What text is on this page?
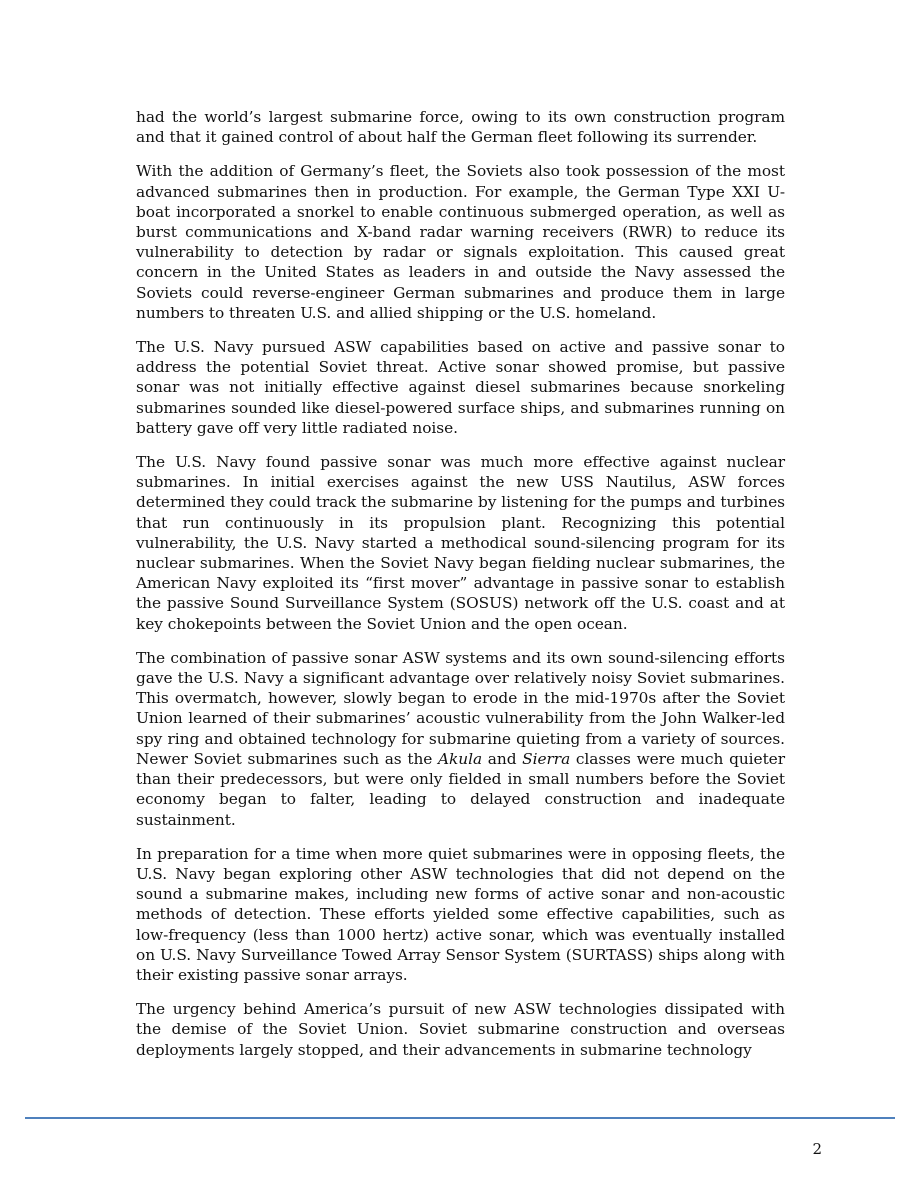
had the world’s largest submarine force, owing to its own construction program and that it gained control of about half the German fleet following its surrender.

With the addition of Germany’s fleet, the Soviets also took possession of the most advanced submarines then in production. For example, the German Type XXI U-boat incorporated a snorkel to enable continuous submerged operation, as well as burst communications and X-band radar warning receivers (RWR) to reduce its vulnerability to detection by radar or signals exploitation. This caused great concern in the United States as leaders in and outside the Navy assessed the Soviets could reverse-engineer German submarines and produce them in large numbers to threaten U.S. and allied shipping or the U.S. homeland.

The U.S. Navy pursued ASW capabilities based on active and passive sonar to address the potential Soviet threat. Active sonar showed promise, but passive sonar was not initially effective against diesel submarines because snorkeling submarines sounded like diesel-powered surface ships, and submarines running on battery gave off very little radiated noise.

The U.S. Navy found passive sonar was much more effective against nuclear submarines. In initial exercises against the new USS Nautilus, ASW forces determined they could track the submarine by listening for the pumps and turbines that run continuously in its propulsion plant. Recognizing this potential vulnerability, the U.S. Navy started a methodical sound-silencing program for its nuclear submarines. When the Soviet Navy began fielding nuclear submarines, the American Navy exploited its “first mover” advantage in passive sonar to establish the passive Sound Surveillance System (SOSUS) network off the U.S. coast and at key chokepoints between the Soviet Union and the open ocean.

The combination of passive sonar ASW systems and its own sound-silencing efforts gave the U.S. Navy a significant advantage over relatively noisy Soviet submarines. This overmatch, however, slowly began to erode in the mid-1970s after the Soviet Union learned of their submarines’ acoustic vulnerability from the John Walker-led spy ring and obtained technology for submarine quieting from a variety of sources. Newer Soviet submarines such as the Akula and Sierra classes were much quieter than their predecessors, but were only fielded in small numbers before the Soviet economy began to falter, leading to delayed construction and inadequate sustainment.

In preparation for a time when more quiet submarines were in opposing fleets, the U.S. Navy began exploring other ASW technologies that did not depend on the sound a submarine makes, including new forms of active sonar and non-acoustic methods of detection. These efforts yielded some effective capabilities, such as low-frequency (less than 1000 hertz) active sonar, which was eventually installed on U.S. Navy Surveillance Towed Array Sensor System (SURTASS) ships along with their existing passive sonar arrays.

The urgency behind America’s pursuit of new ASW technologies dissipated with the demise of the Soviet Union. Soviet submarine construction and overseas deployments largely stopped, and their advancements in submarine technology

2
